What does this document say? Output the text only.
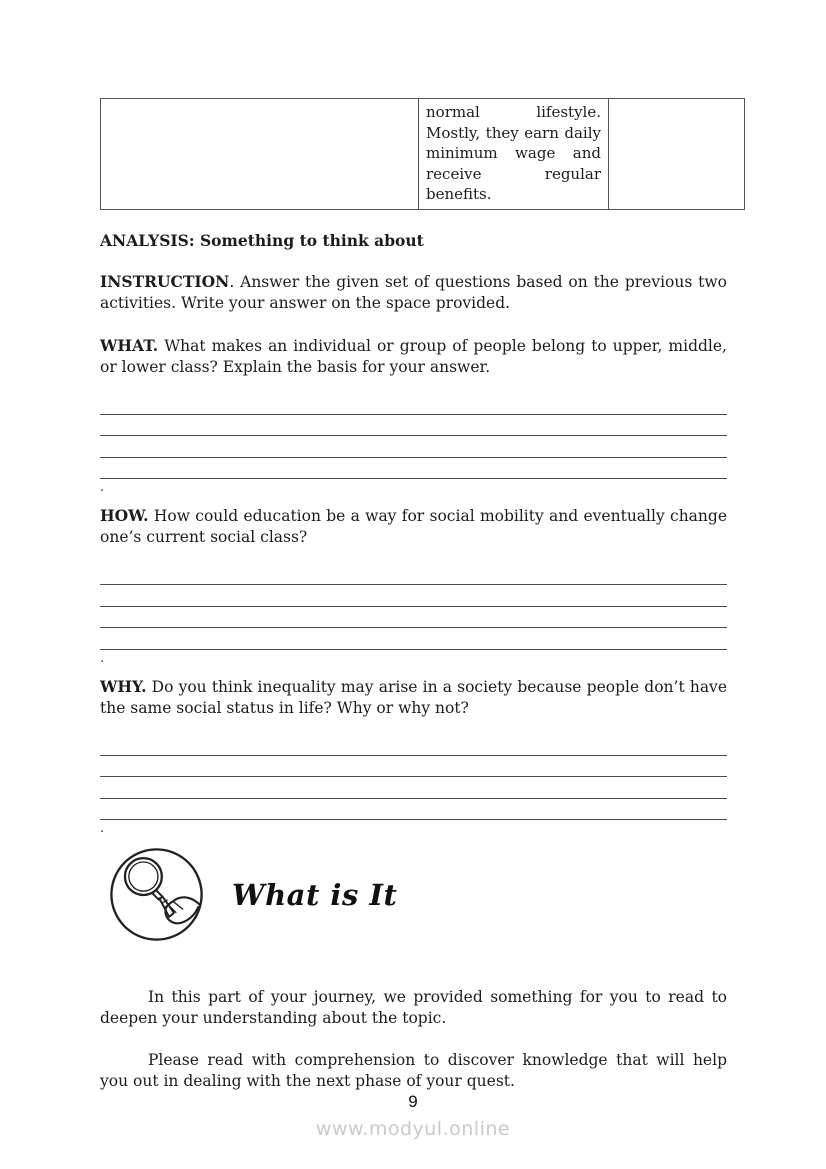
	normal lifestyle. Mostly, they earn daily minimum wage and receive regular benefits.	
ANALYSIS: Something to think about

INSTRUCTION. Answer the given set of questions based on the previous two activities. Write your answer on the space provided.

WHAT. What makes an individual or group of people belong to upper, middle, or lower class? Explain the basis for your answer.

.

HOW. How could education be a way for social mobility and eventually change one’s current social class?

.

WHY. Do you think inequality may arise in a society because people don’t have the same social status in life? Why or why not?

.
What is It

In this part of your journey, we provided something for you to read to deepen your understanding about the topic.

Please read with comprehension to discover knowledge that will help you out in dealing with the next phase of your quest.

9
www.modyul.online
